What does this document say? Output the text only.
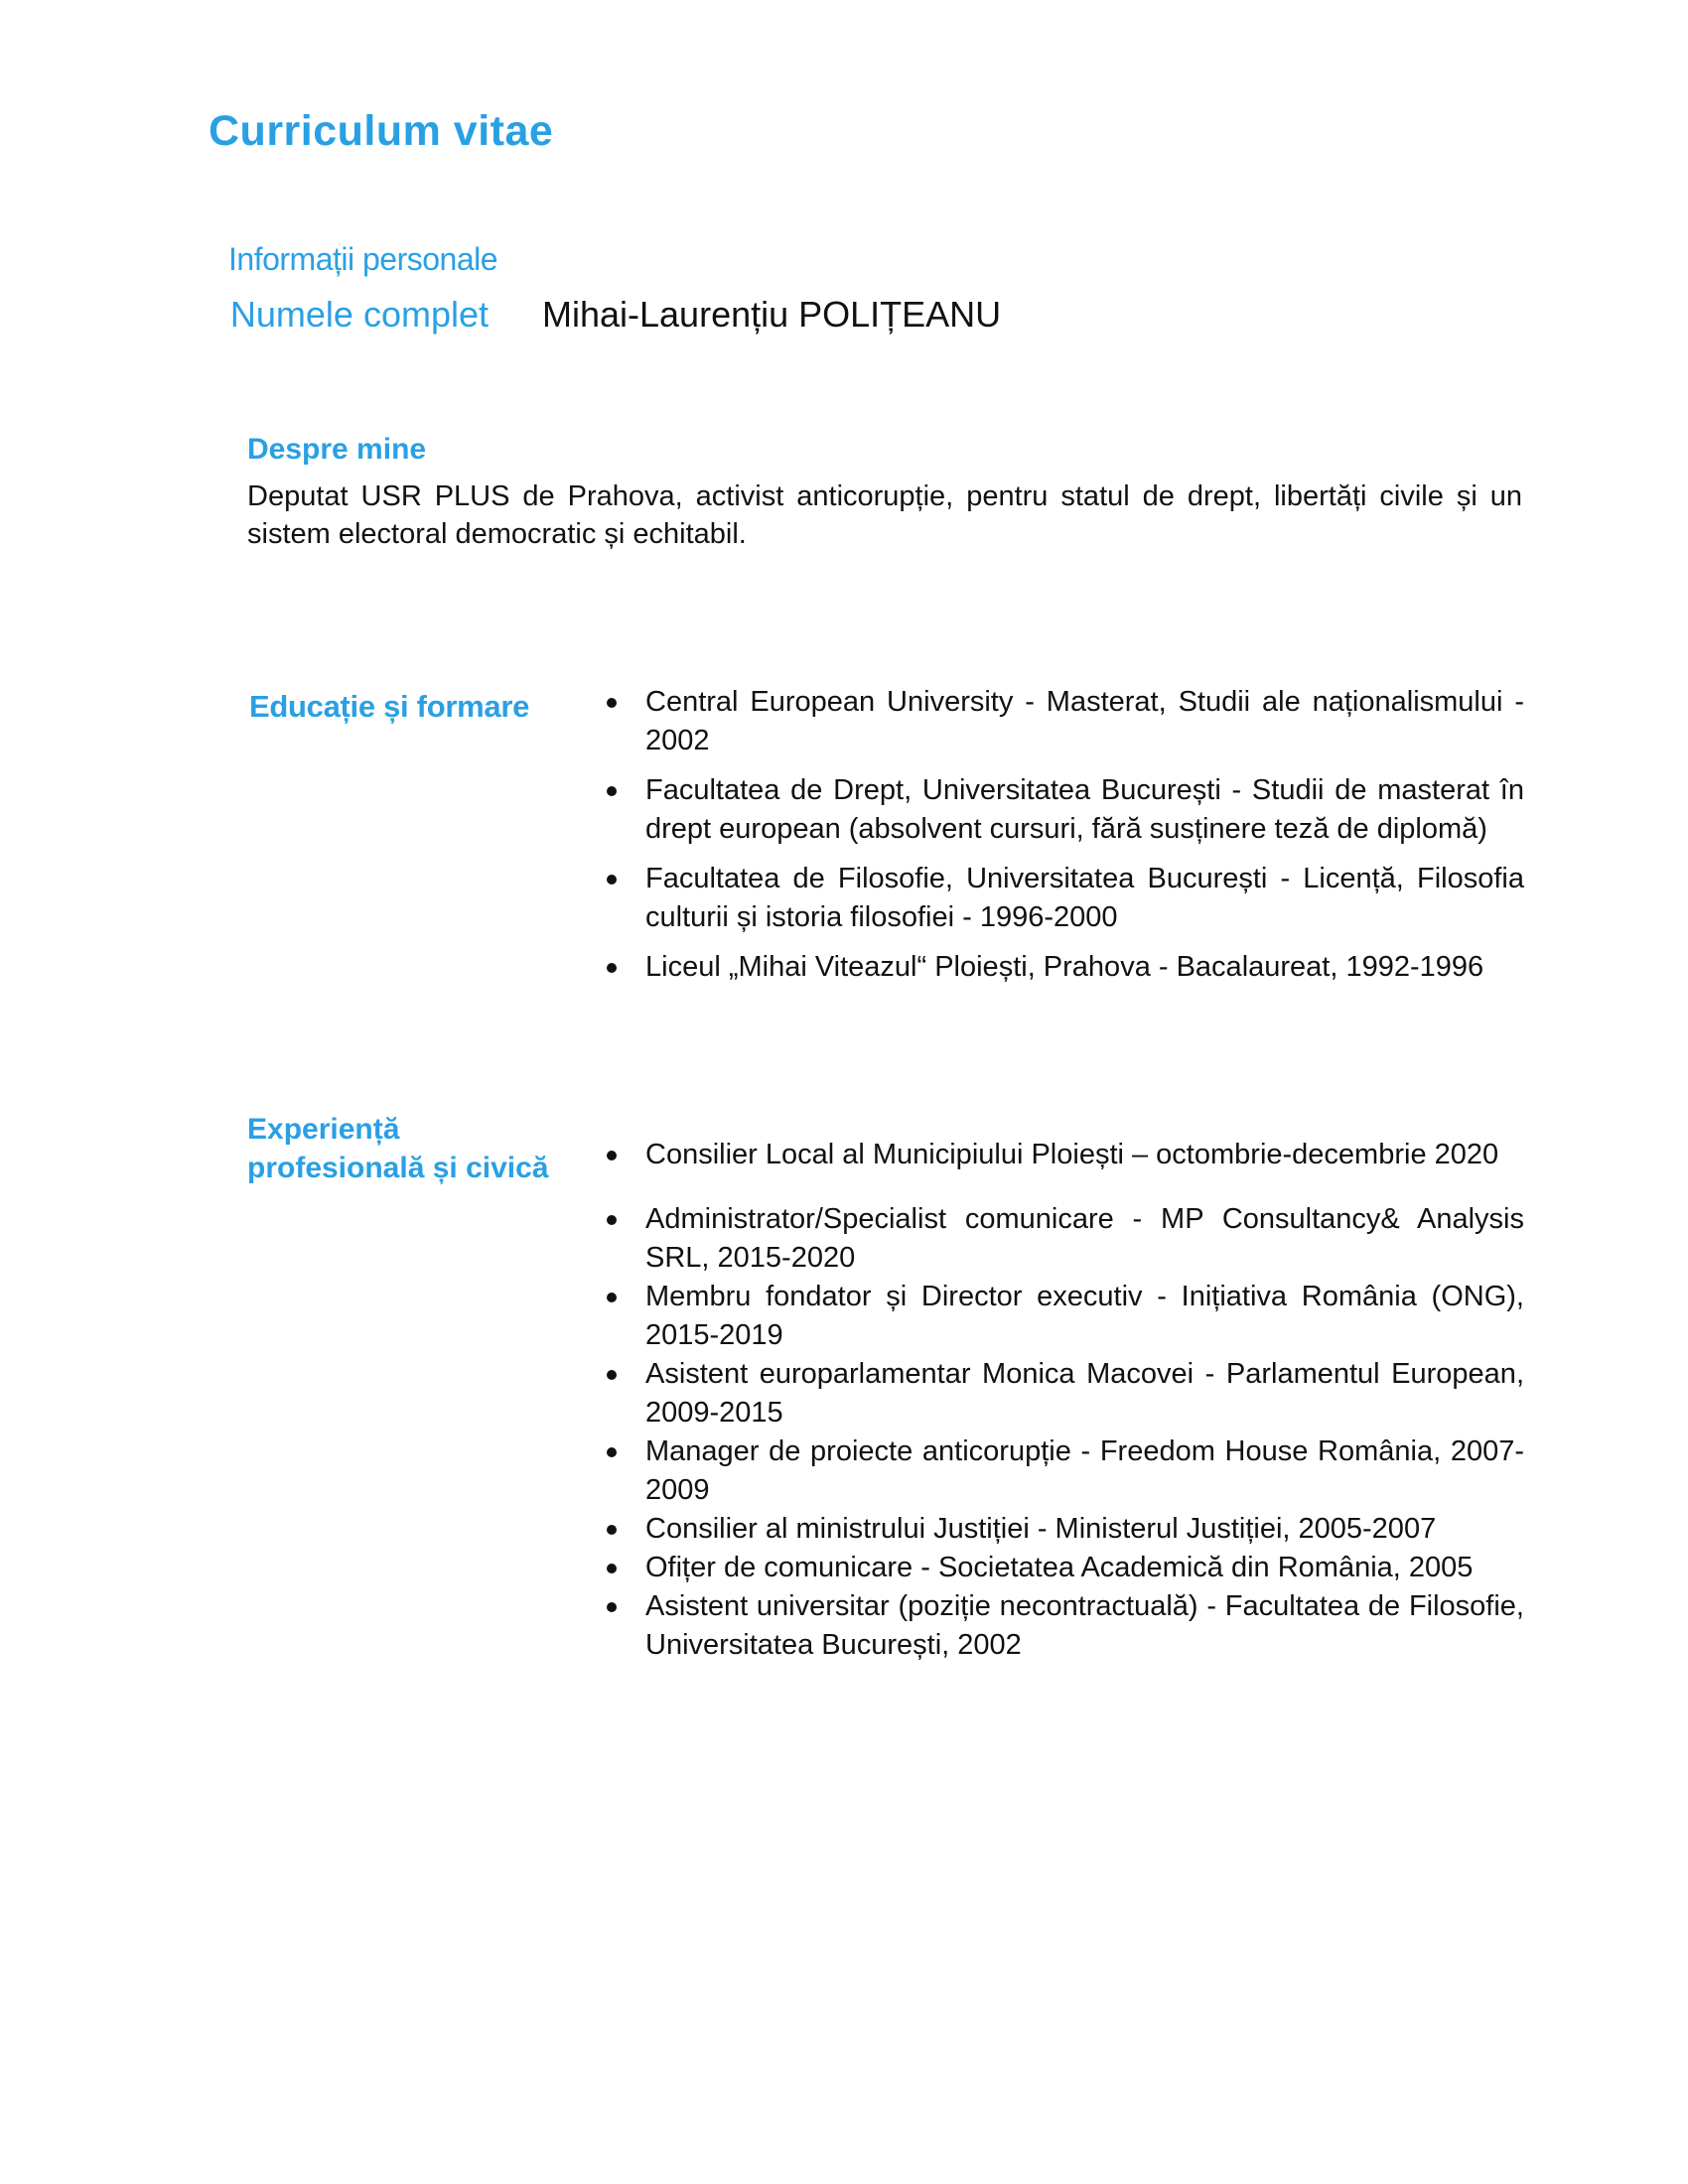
Curriculum vitae
Informații personale
Numele complet Mihai-Laurențiu POLIȚEANU
Despre mine

Deputat USR PLUS de Prahova, activist anticorupție, pentru statul de drept, libertăți civile și un sistem electoral democratic și echitabil.

Educație și formare	Central European University - Masterat, Studii ale naționalismului - 2002
Facultatea de Drept, Universitatea București - Studii de masterat în drept european (absolvent cursuri, fără susținere teză de diplomă)
Facultatea de Filosofie, Universitatea București - Licență, Filosofia culturii și istoria filosofiei - 1996-2000
Liceul „Mihai Viteazul“ Ploiești, Prahova - Bacalaureat, 1992-1996
Experiență profesională și civică	Consilier Local al Municipiului Ploiești – octombrie-decembrie 2020
Administrator/Specialist comunicare - MP Consultancy& Analysis SRL, 2015-2020
Membru fondator și Director executiv - Inițiativa România (ONG), 2015-2019
Asistent europarlamentar Monica Macovei - Parlamentul European, 2009-2015
Manager de proiecte anticorupție - Freedom House România, 2007-2009
Consilier al ministrului Justiției - Ministerul Justiției, 2005-2007
Ofițer de comunicare - Societatea Academică din România, 2005
Asistent universitar (poziție necontractuală) - Facultatea de Filosofie, Universitatea București, 2002
